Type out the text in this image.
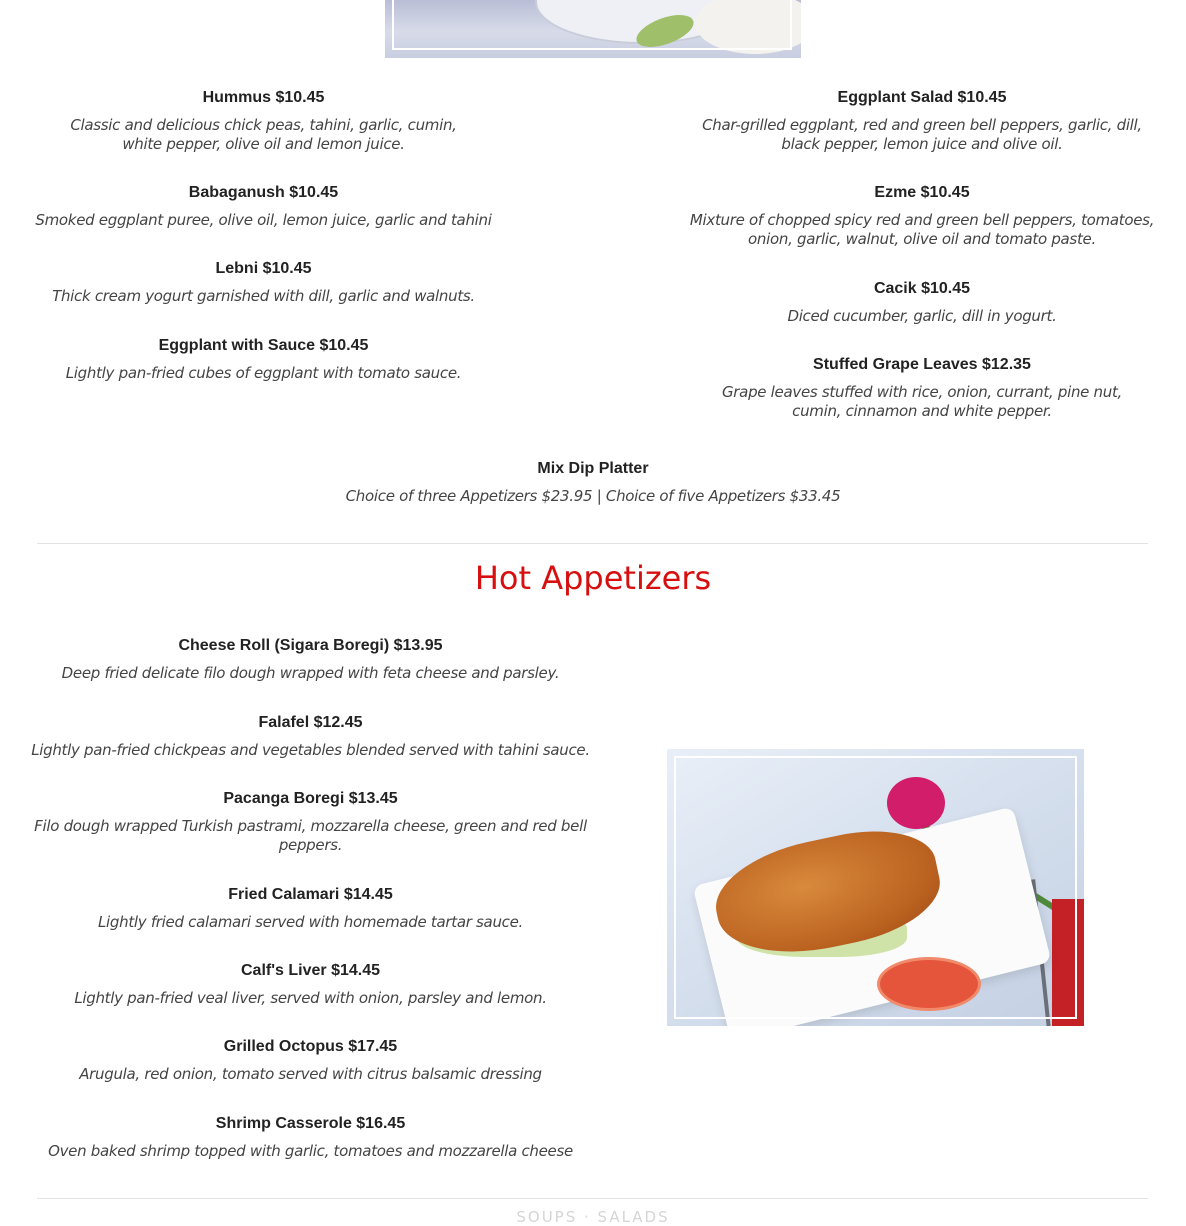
Hummus $10.45
Classic and delicious chick peas, tahini, garlic, cumin, white pepper, olive oil and lemon juice.
Babaganush $10.45
Smoked eggplant puree, olive oil, lemon juice, garlic and tahini
Lebni $10.45
Thick cream yogurt garnished with dill, garlic and walnuts.
Eggplant with Sauce $10.45
Lightly pan-fried cubes of eggplant with tomato sauce.
Eggplant Salad $10.45
Char-grilled eggplant, red and green bell peppers, garlic, dill, black pepper, lemon juice and olive oil.
Ezme $10.45
Mixture of chopped spicy red and green bell peppers, tomatoes, onion, garlic, walnut, olive oil and tomato paste.
Cacik $10.45
Diced cucumber, garlic, dill in yogurt.
Stuffed Grape Leaves $12.35
Grape leaves stuffed with rice, onion, currant, pine nut, cumin, cinnamon and white pepper.
Mix Dip Platter
Choice of three Appetizers $23.95 | Choice of five Appetizers $33.45
Hot Appetizers
Cheese Roll (Sigara Boregi) $13.95
Deep fried delicate filo dough wrapped with feta cheese and parsley.
Falafel $12.45
Lightly pan-fried chickpeas and vegetables blended served with tahini sauce.
Pacanga Boregi $13.45
Filo dough wrapped Turkish pastrami, mozzarella cheese, green and red bell peppers.
Fried Calamari $14.45
Lightly fried calamari served with homemade tartar sauce.
Calf's Liver $14.45
Lightly pan-fried veal liver, served with onion, parsley and lemon.
Grilled Octopus $17.45
Arugula, red onion, tomato served with citrus balsamic dressing
Shrimp Casserole $16.45
Oven baked shrimp topped with garlic, tomatoes and mozzarella cheese
SOUPS · SALADS
